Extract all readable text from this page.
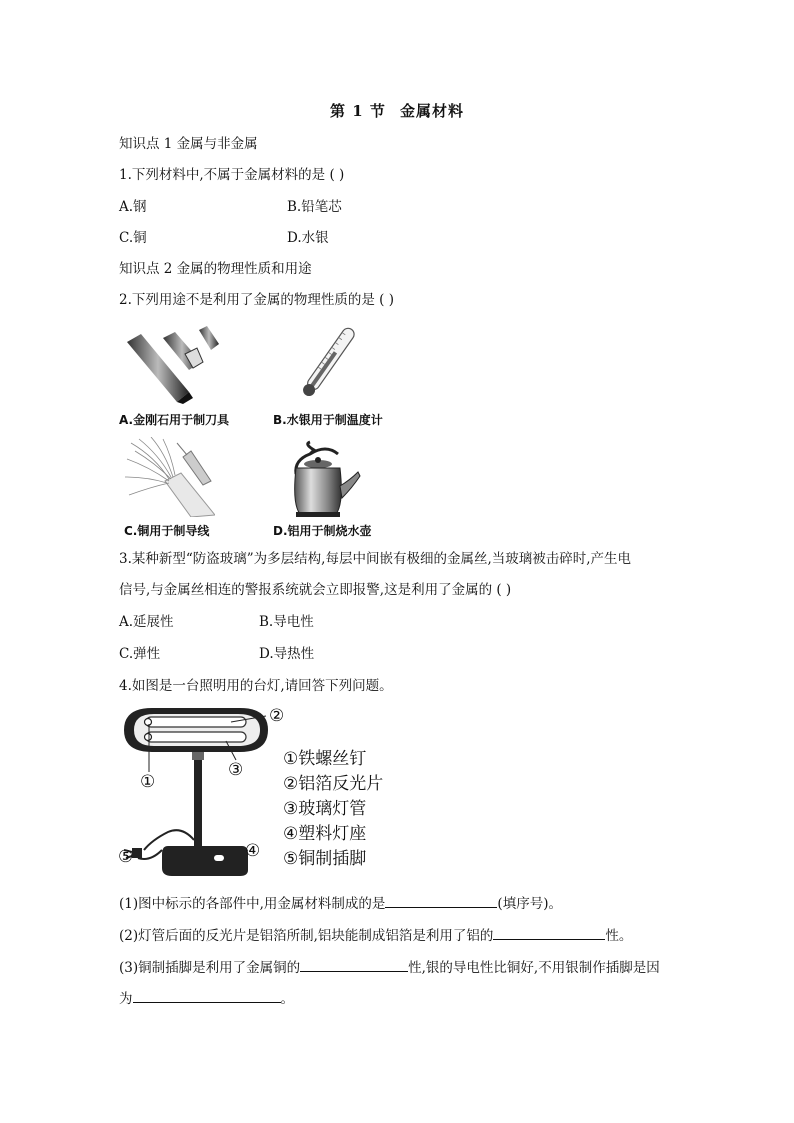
第 1 节 金属材料
知识点 1 金属与非金属
1.下列材料中,不属于金属材料的是 ( )
A.钢	B.铅笔芯
C.铜	D.水银
知识点 2 金属的物理性质和用途
2.下列用途不是利用了金属的物理性质的是 ( )
A.金刚石用于制刀具	B.水银用于制温度计
C.铜用于制导线	D.铝用于制烧水壶
3.某种新型“防盗玻璃”为多层结构,每层中间嵌有极细的金属丝,当玻璃被击碎时,产生电
信号,与金属丝相连的警报系统就会立即报警,这是利用了金属的 ( )
A.延展性	B.导电性
C.弹性	D.导热性
4.如图是一台照明用的台灯,请回答下列问题。
②
③
①
⑤	④
①铁螺丝钉
②铝箔反光片
③玻璃灯管
④塑料灯座
⑤铜制插脚
(1)图中标示的各部件中,用金属材料制成的是	(填序号)。
(2)灯管后面的反光片是铝箔所制,铝块能制成铝箔是利用了铝的	性。
(3)铜制插脚是利用了金属铜的	性,银的导电性比铜好,不用银制作插脚是因
为	。
